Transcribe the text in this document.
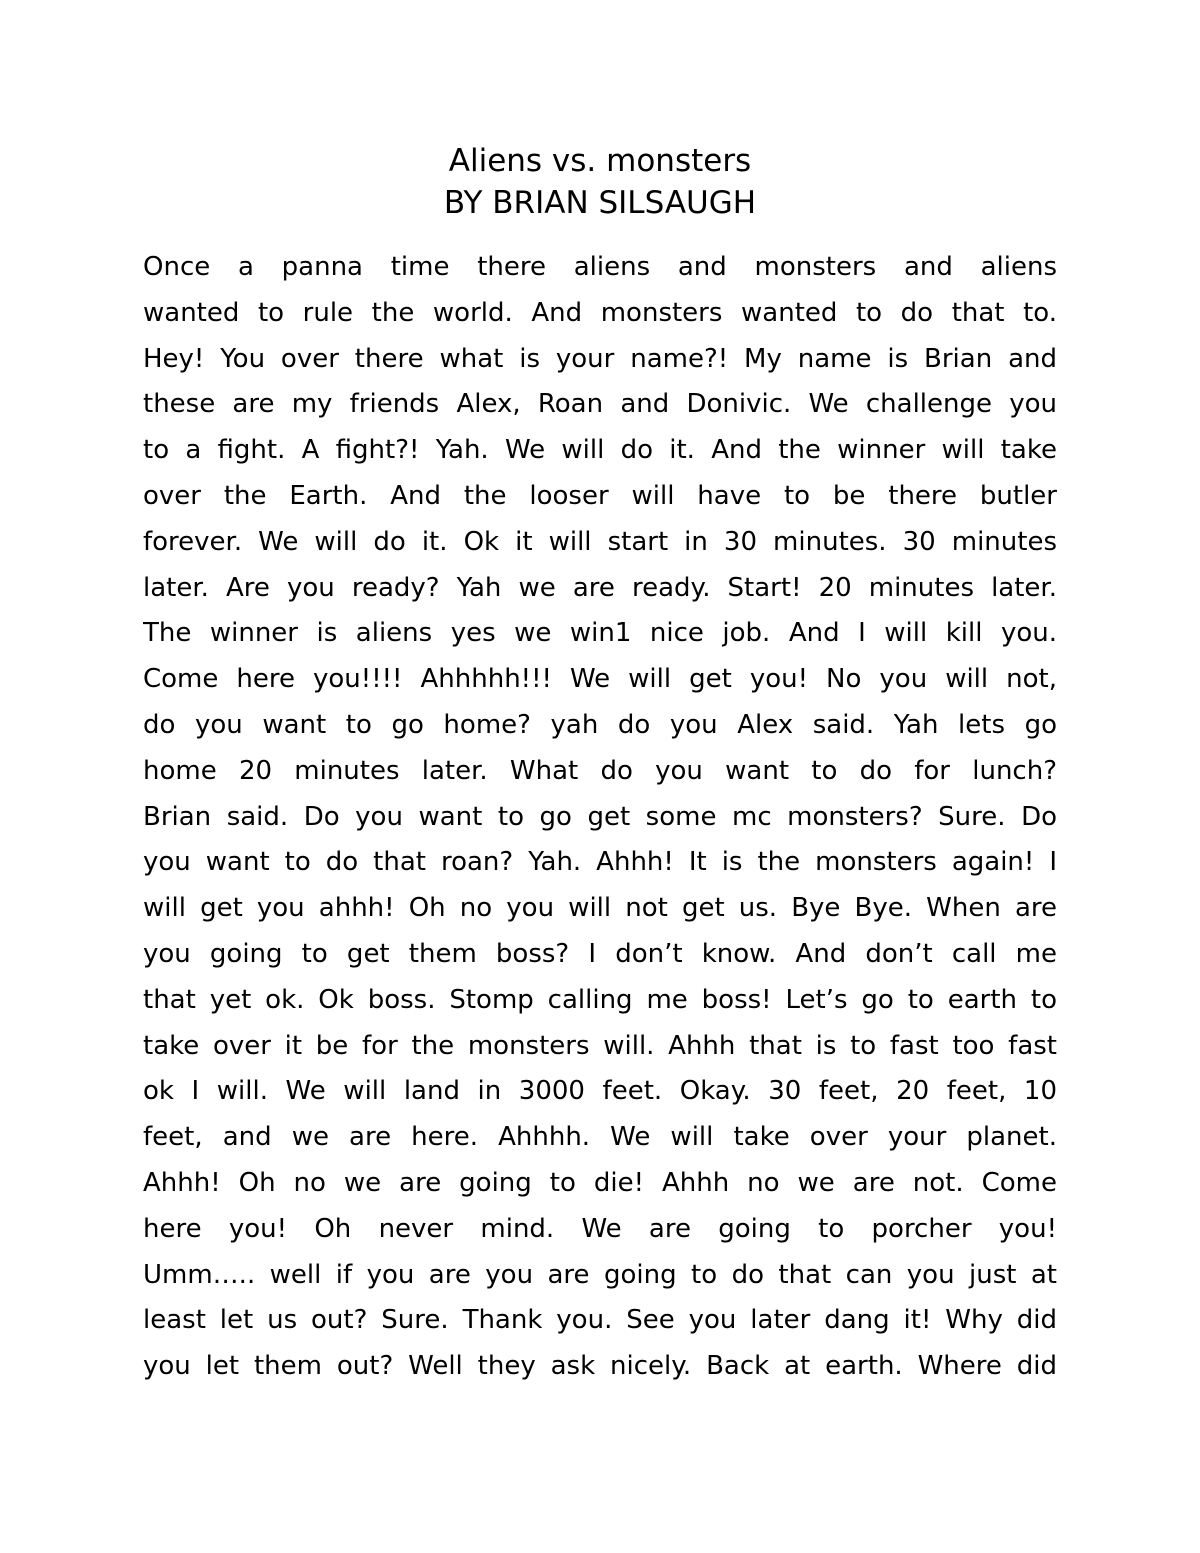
Aliens vs. monsters
BY BRIAN SILSAUGH
Once a panna time there aliens and monsters and aliens
wanted to rule the world. And monsters wanted to do that to.
Hey! You over there what is your name?! My name is Brian and
these are my friends Alex, Roan and Donivic. We challenge you
to a fight. A fight?! Yah. We will do it. And the winner will take
over the Earth. And the looser will have to be there butler
forever. We will do it. Ok it will start in 30 minutes. 30 minutes
later. Are you ready? Yah we are ready. Start! 20 minutes later.
The winner is aliens yes we win1 nice job. And I will kill you.
Come here you!!!! Ahhhhh!!! We will get you! No you will not,
do you want to go home? yah do you Alex said. Yah lets go
home 20 minutes later. What do you want to do for lunch?
Brian said. Do you want to go get some mc monsters? Sure. Do
you want to do that roan? Yah. Ahhh! It is the monsters again! I
will get you ahhh! Oh no you will not get us. Bye Bye. When are
you going to get them boss? I don’t know. And don’t call me
that yet ok. Ok boss. Stomp calling me boss! Let’s go to earth to
take over it be for the monsters will. Ahhh that is to fast too fast
ok I will. We will land in 3000 feet. Okay. 30 feet, 20 feet, 10
feet, and we are here. Ahhhh. We will take over your planet.
Ahhh! Oh no we are going to die! Ahhh no we are not. Come
here you! Oh never mind. We are going to porcher you!
Umm….. well if you are you are going to do that can you just at
least let us out? Sure. Thank you. See you later dang it! Why did
you let them out? Well they ask nicely. Back at earth. Where did
